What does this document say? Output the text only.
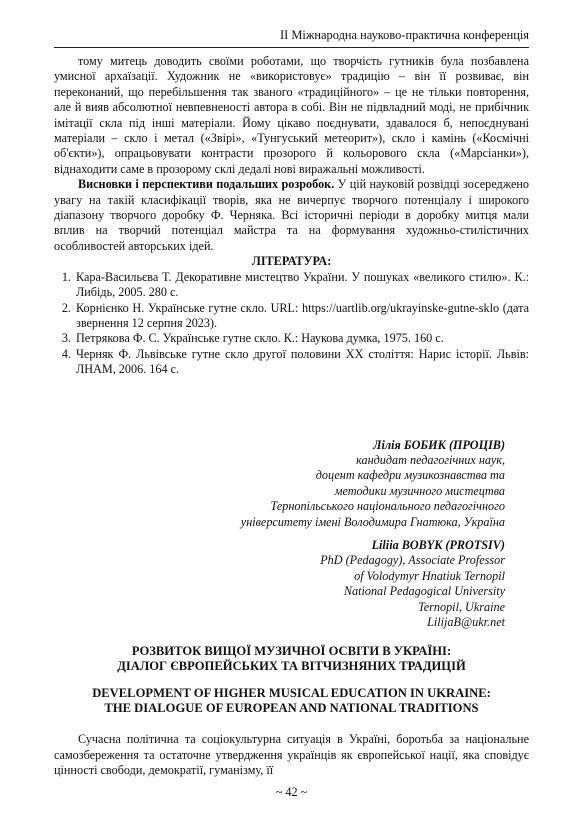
II Міжнародна науково-практична конференція

тому митець доводить своїми роботами, що творчість гутників була позбавлена умисної архаїзації. Художник не «використовує» традицію – він її розвиває, він переконаний, що перебільшення так званого «традиційного» – це не тільки повторення, але й вияв абсолютної невпевненості автора в собі. Він не підвладний моді, не прибічник імітації скла під інші матеріали. Йому цікаво поєднувати, здавалося б, непоєднувані матеріали – скло і метал («Звірі», «Тунгуський метеорит»), скло і камінь («Космічні об'єкти»), опрацьовувати контрасти прозорого й кольорового скла («Марсіанки»), віднаходити саме в прозорому склі дедалі нові виражальні можливості.

Висновки і перспективи подальших розробок. У цій науковій розвідці зосереджено увагу на такій класифікації творів, яка не вичерпує творчого потенціалу і широкого діапазону творчого доробку Ф. Черняка. Всі історичні періоди в доробку митця мали вплив на творчий потенціал майстра та на формування художньо-стилістичних особливостей авторських ідей.

ЛІТЕРАТУРА:

1. Кара-Васильєва Т. Декоративне мистецтво України. У пошуках «великого стилю». К.: Либідь, 2005. 280 с.
2. Корнієнко Н. Українське гутне скло. URL: https://uartlib.org/ukrayinske-gutne-sklo (дата звернення 12 серпня 2023).
3. Петрякова Ф. С. Українське гутне скло. К.: Наукова думка, 1975. 160 с.
4. Черняк Ф. Львівське гутне скло другої половини XX століття: Нарис історії. Львів: ЛНАМ, 2006. 164 с.
Лілія БОБИК (ПРОЦІВ)
кандидат педагогічних наук,
доцент кафедри музикознавства та
методики музичного мистецтва
Тернопільського національного педагогічного
університету імені Володимира Гнатюка, Україна
Liliia BOBYK (PROTSIV)
PhD (Pedagogy), Associate Professor
of Volodymyr Hnatiuk Ternopil
National Pedagogical University
Ternopil, Ukraine
LilijaB@ukr.net
РОЗВИТОК ВИЩОЇ МУЗИЧНОЇ ОСВІТИ В УКРАЇНІ:
ДІАЛОГ ЄВРОПЕЙСЬКИХ ТА ВІТЧИЗНЯНИХ ТРАДИЦІЙ
DEVELOPMENT OF HIGHER MUSICAL EDUCATION IN UKRAINE:
THE DIALOGUE OF EUROPEAN AND NATIONAL TRADITIONS

Сучасна політична та соціокультурна ситуація в Україні, боротьба за національне самозбереження та остаточне утвердження українців як європейської нації, яка сповідує цінності свободи, демократії, гуманізму, її

~ 42 ~
